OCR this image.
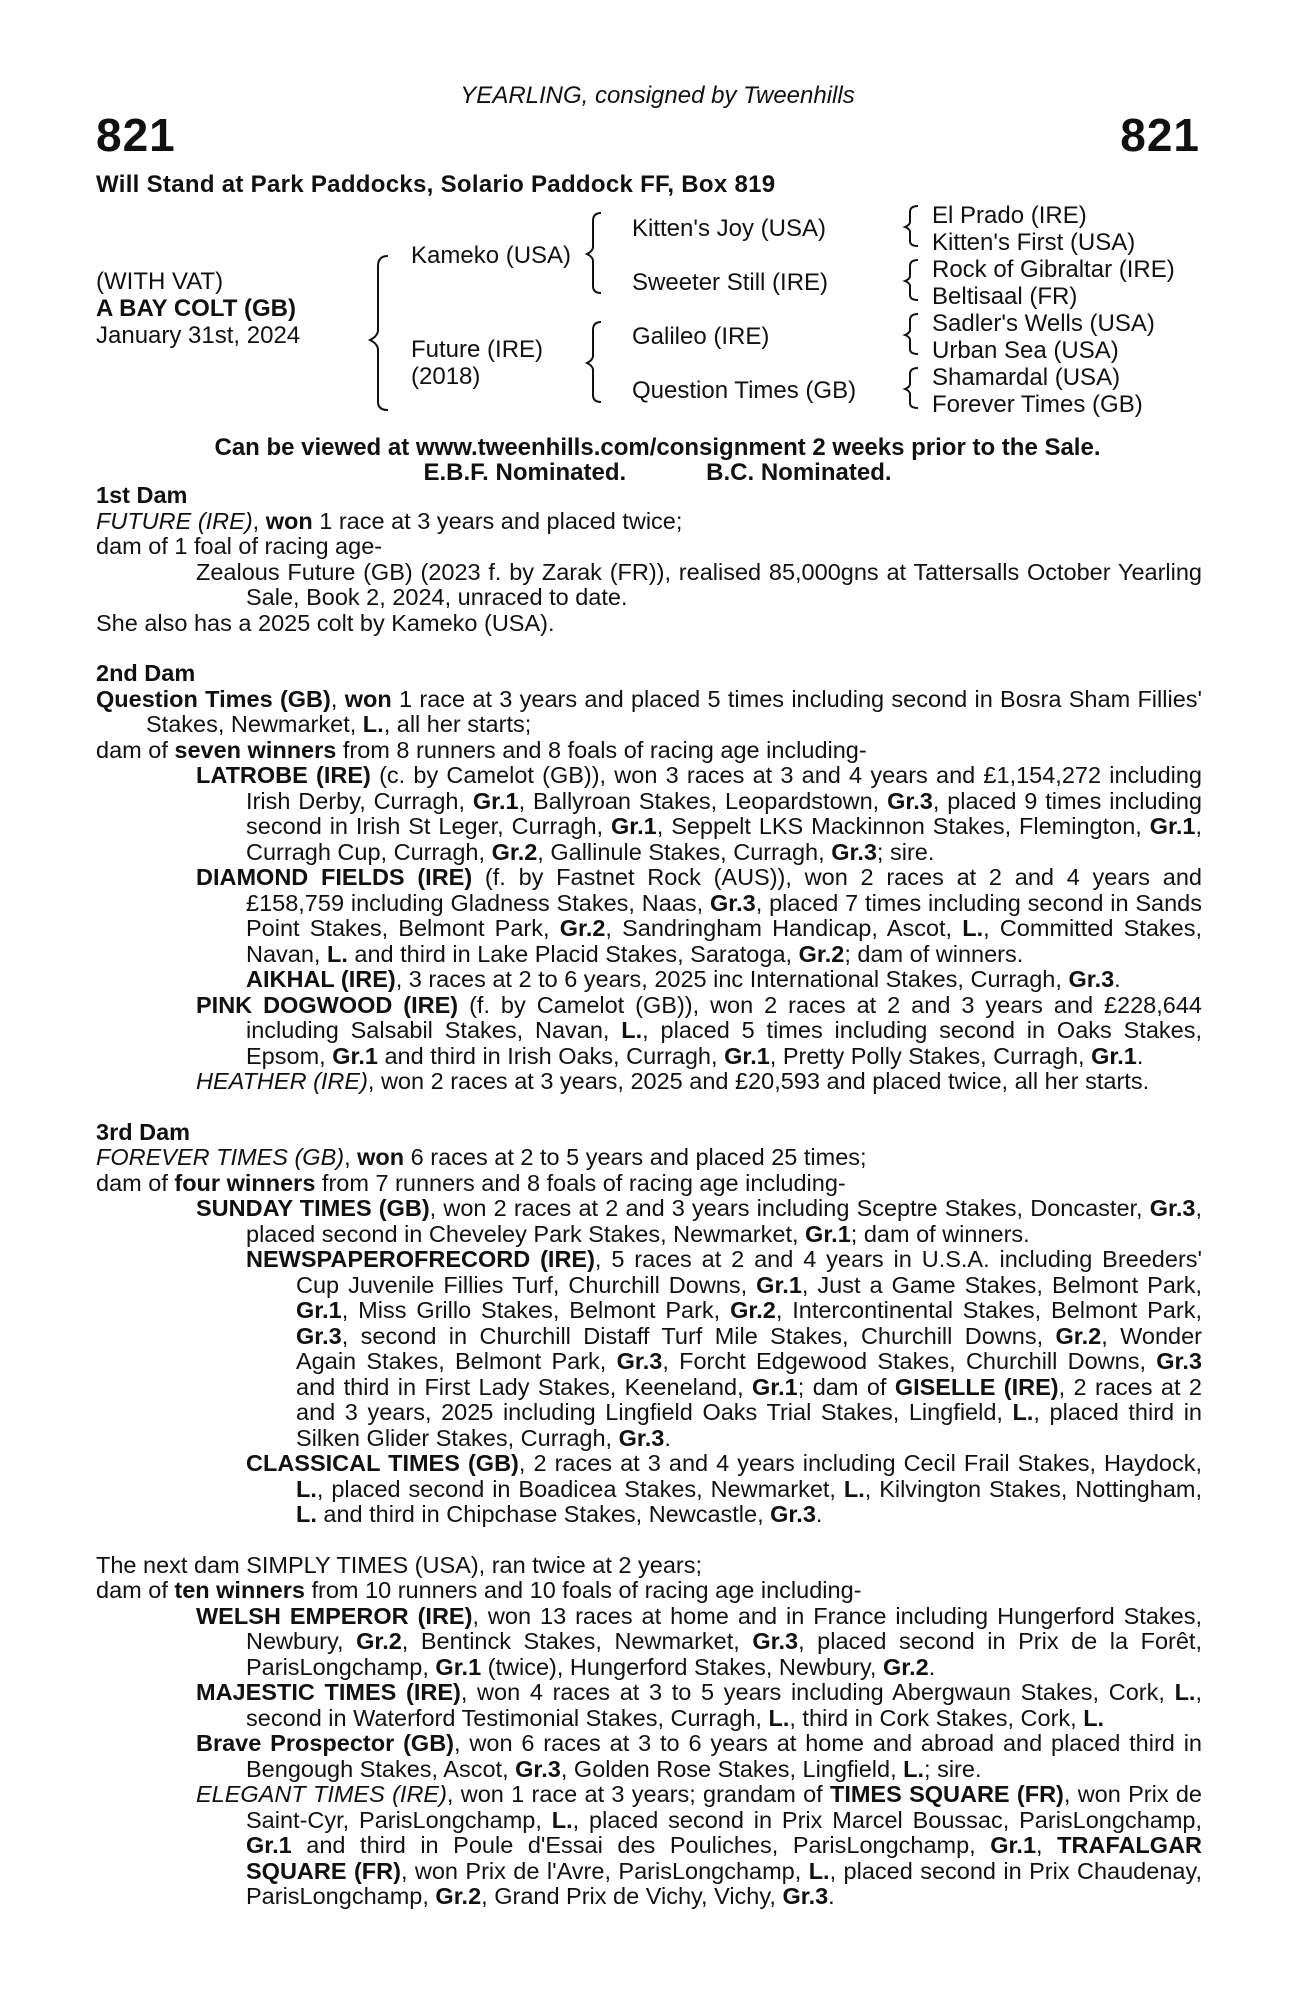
821	821
YEARLING, consigned by Tweenhills
Will Stand at Park Paddocks, Solario Paddock FF, Box 819
(WITH VAT)
A BAY COLT (GB)
January 31st, 2024
Kameko (USA)
Future (IRE)
(2018)
Kitten's Joy (USA)
Sweeter Still (IRE)
Galileo (IRE)
Question Times (GB)
El Prado (IRE)
Kitten's First (USA)
Rock of Gibraltar (IRE)
Beltisaal (FR)
Sadler's Wells (USA)
Urban Sea (USA)
Shamardal (USA)
Forever Times (GB)
Can be viewed at www.tweenhills.com/consignment 2 weeks prior to the Sale.
E.B.F. Nominated.	B.C. Nominated.

1st Dam

FUTURE (IRE), won 1 race at 3 years and placed twice;

dam of 1 foal of racing age-

Zealous Future (GB) (2023 f. by Zarak (FR)), realised 85,000gns at Tattersalls October Yearling Sale, Book 2, 2024, unraced to date.

She also has a 2025 colt by Kameko (USA).

2nd Dam

Question Times (GB), won 1 race at 3 years and placed 5 times including second in Bosra Sham Fillies' Stakes, Newmarket, L., all her starts;

dam of seven winners from 8 runners and 8 foals of racing age including-

LATROBE (IRE) (c. by Camelot (GB)), won 3 races at 3 and 4 years and £1,154,272 including Irish Derby, Curragh, Gr.1, Ballyroan Stakes, Leopardstown, Gr.3, placed 9 times including second in Irish St Leger, Curragh, Gr.1, Seppelt LKS Mackinnon Stakes, Flemington, Gr.1, Curragh Cup, Curragh, Gr.2, Gallinule Stakes, Curragh, Gr.3; sire.

DIAMOND FIELDS (IRE) (f. by Fastnet Rock (AUS)), won 2 races at 2 and 4 years and £158,759 including Gladness Stakes, Naas, Gr.3, placed 7 times including second in Sands Point Stakes, Belmont Park, Gr.2, Sandringham Handicap, Ascot, L., Committed Stakes, Navan, L. and third in Lake Placid Stakes, Saratoga, Gr.2; dam of winners.

AIKHAL (IRE), 3 races at 2 to 6 years, 2025 inc International Stakes, Curragh, Gr.3.

PINK DOGWOOD (IRE) (f. by Camelot (GB)), won 2 races at 2 and 3 years and £228,644 including Salsabil Stakes, Navan, L., placed 5 times including second in Oaks Stakes, Epsom, Gr.1 and third in Irish Oaks, Curragh, Gr.1, Pretty Polly Stakes, Curragh, Gr.1.

HEATHER (IRE), won 2 races at 3 years, 2025 and £20,593 and placed twice, all her starts.

3rd Dam

FOREVER TIMES (GB), won 6 races at 2 to 5 years and placed 25 times;

dam of four winners from 7 runners and 8 foals of racing age including-

SUNDAY TIMES (GB), won 2 races at 2 and 3 years including Sceptre Stakes, Doncaster, Gr.3, placed second in Cheveley Park Stakes, Newmarket, Gr.1; dam of winners.

NEWSPAPEROFRECORD (IRE), 5 races at 2 and 4 years in U.S.A. including Breeders' Cup Juvenile Fillies Turf, Churchill Downs, Gr.1, Just a Game Stakes, Belmont Park, Gr.1, Miss Grillo Stakes, Belmont Park, Gr.2, Intercontinental Stakes, Belmont Park, Gr.3, second in Churchill Distaff Turf Mile Stakes, Churchill Downs, Gr.2, Wonder Again Stakes, Belmont Park, Gr.3, Forcht Edgewood Stakes, Churchill Downs, Gr.3 and third in First Lady Stakes, Keeneland, Gr.1; dam of GISELLE (IRE), 2 races at 2 and 3 years, 2025 including Lingfield Oaks Trial Stakes, Lingfield, L., placed third in Silken Glider Stakes, Curragh, Gr.3.

CLASSICAL TIMES (GB), 2 races at 3 and 4 years including Cecil Frail Stakes, Haydock, L., placed second in Boadicea Stakes, Newmarket, L., Kilvington Stakes, Nottingham, L. and third in Chipchase Stakes, Newcastle, Gr.3.

The next dam SIMPLY TIMES (USA), ran twice at 2 years;

dam of ten winners from 10 runners and 10 foals of racing age including-

WELSH EMPEROR (IRE), won 13 races at home and in France including Hungerford Stakes, Newbury, Gr.2, Bentinck Stakes, Newmarket, Gr.3, placed second in Prix de la Forêt, ParisLongchamp, Gr.1 (twice), Hungerford Stakes, Newbury, Gr.2.

MAJESTIC TIMES (IRE), won 4 races at 3 to 5 years including Abergwaun Stakes, Cork, L., second in Waterford Testimonial Stakes, Curragh, L., third in Cork Stakes, Cork, L.

Brave Prospector (GB), won 6 races at 3 to 6 years at home and abroad and placed third in Bengough Stakes, Ascot, Gr.3, Golden Rose Stakes, Lingfield, L.; sire.

ELEGANT TIMES (IRE), won 1 race at 3 years; grandam of TIMES SQUARE (FR), won Prix de Saint-Cyr, ParisLongchamp, L., placed second in Prix Marcel Boussac, ParisLongchamp, Gr.1 and third in Poule d'Essai des Pouliches, ParisLongchamp, Gr.1, TRAFALGAR SQUARE (FR), won Prix de l'Avre, ParisLongchamp, L., placed second in Prix Chaudenay, ParisLongchamp, Gr.2, Grand Prix de Vichy, Vichy, Gr.3.
